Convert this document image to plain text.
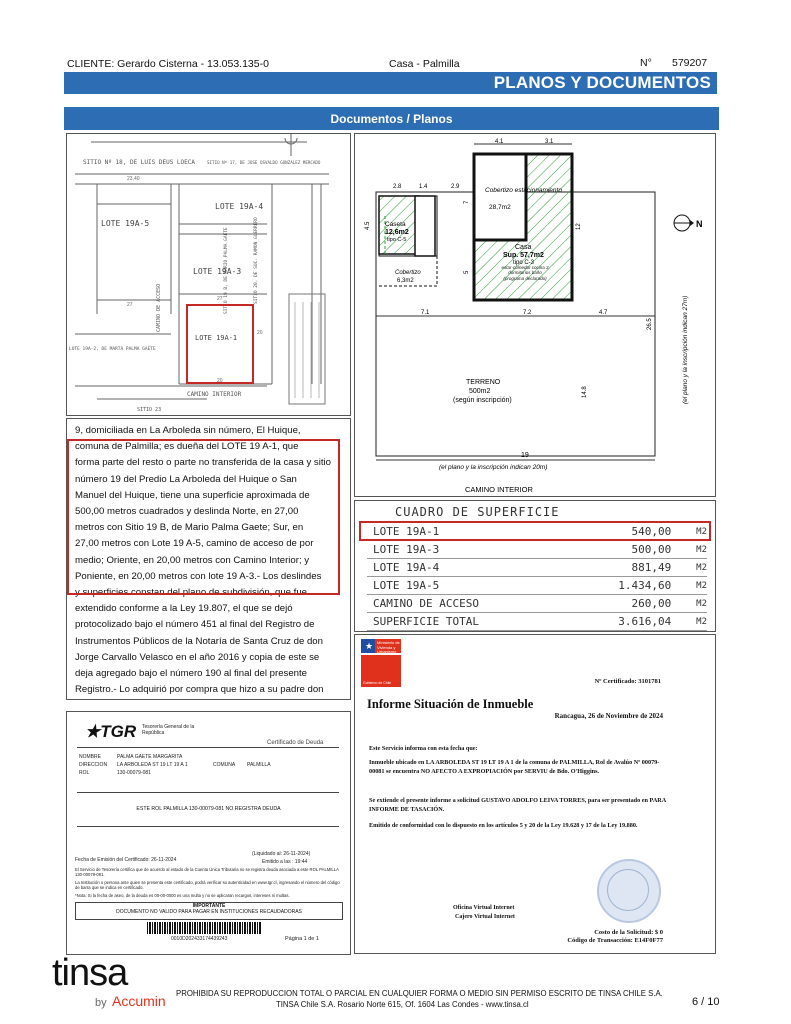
CLIENTE: Gerardo Cisterna - 13.053.135-0	Casa - Palmilla	N° 579207
PLANOS Y DOCUMENTOS
Documentos / Planos
SITIO Nº 18, DE LUIS DEUS LOECA	SITIO Nº 17, DE JOSE OSVALDO GONZALEZ MERCADO
LOTE 19A-5
LOTE 19A-4
LOTE 19A-3
LOTE 19A-1
LOTE 19A-2, DE MARTA PALMA GAETE
CAMINO INTERIOR
CAMINO DE ACCESO	SITIO 19 B, DE MARIO PALMA GAETE	SITIO 20, DE SUC. RAMON GUERRERO
SITIO 23
23,40
27
27
20
20
4.1	3.1
2.8	1.4	2.9
Caseta
12,6m2
tipo C-5
Cobertizo estacionamiento
28,7m2
Casa
Sup. 57,7m2
tipo C-3
estar-comedor cocina 3 dormitorios baño (programa declarado)
Cobertizo
6,3m2
4.5
7
5
12
7.1	7.2	4.7
26.5	(el plano y la inscripción indican 27m)
TERRENO
500m2
(según inscripción)
14.8
19
(el plano y la inscripción indican 20m)
CAMINO INTERIOR
N
9, domiciliada en La Arboleda sin número, El Huique,
comuna de Palmilla; es dueña del LOTE 19 A-1, que
forma parte del resto o parte no transferida de la casa y sitio
número 19 del Predio La Arboleda del Huique o San
Manuel del Huique, tiene una superficie aproximada de
500,00 metros cuadrados y deslinda Norte, en 27,00
metros con Sitio 19 B, de Mario Palma Gaete; Sur, en
27,00 metros con Lote 19 A-5, camino de acceso de por
medio; Oriente, en 20,00 metros con Camino Interior; y
Poniente, en 20,00 metros con lote 19 A-3.- Los deslindes
y superficies constan del plano de subdivisión, que fue
extendido conforme a la Ley 19.807, el que se dejó
protocolizado bajo el número 451 al final del Registro de
Instrumentos Públicos de la Notaría de Santa Cruz de don
Jorge Carvallo Velasco en el año 2016 y copia de este se
deja agregado bajo el número 190 al final del presente
Registro.- Lo adquirió por compra que hizo a su padre don
CUADRO DE SUPERFICIE
LOTE 19A-1	540,00	M2
LOTE 19A-3	500,00	M2
LOTE 19A-4	881,49	M2
LOTE 19A-5	1.434,60	M2
CAMINO DE ACCESO	260,00	M2
SUPERFICIE TOTAL	3.616,04	M2
★TGR Tesorería General de la República
Certificado de Deuda
NOMBRE	PALMA GAETE MARGARITA
DIRECCION LA ARBOLEDA ST 19 LT 19 A 1	COMUNA PALMILLA
ROL	130-00079-081
ESTE ROL PALMILLA 130-00079-081 NO REGISTRA DEUDA
Fecha de Emisión del Certificado: 26-11-2024
(Liquidado al: 26-11-2024)
Emitido a las : 19:44
El Servicio de Tesorería certifica que de acuerdo al estado de la Cuenta Única Tributaria no se registra deuda asociada a este ROL PALMILLA 130-00079-081.
La Institución o persona ante quien se presenta este certificado, podrá verificar su autenticidad en www.tgr.cl, ingresando el número del código de barra que se indica en certificado.
*Nota: Si la fecha de aseo, de la deuda es 00-00-0000 es una multa y no se aplicaran recargos, intereses ni multas.
IMPORTANTE
DOCUMENTO NO VALIDO PARA PAGAR EN INSTITUCIONES RECAUDADORAS
0010D202433174439243	Página 1 de 1
★ Ministerio de Vivienda y Urbanismo
Gobierno de Chile	Nº Certificado: 3101781
Informe Situación de Inmueble
Rancagua, 26 de Noviembre de 2024
Este Servicio informa con esta fecha que:
Inmueble ubicado en LA ARBOLEDA ST 19 LT 19 A 1 de la comuna de PALMILLA, Rol de Avalúo Nº 00079-00081 se encuentra NO AFECTO A EXPROPIACIÓN por SERVIU de Bdo. O'Higgins.
Se extiende el presente informe a solicitud GUSTAVO ADOLFO LEIVA TORRES, para ser presentado en PARA INFORME DE TASACIÓN.
Emitido de conformidad con lo dispuesto en los artículos 5 y 20 de la Ley 19.628 y 17 de la Ley 19.880.
Oficina Virtual Internet
Cajero Virtual Internet
Costo de la Solicitud: $ 0
Código de Transacción: E14F0F77
tinsa
by Accumin PROHIBIDA SU REPRODUCCION TOTAL O PARCIAL EN CUALQUIER FORMA O MEDIO SIN PERMISO ESCRITO DE TINSA CHILE S.A.
TINSA Chile S.A. Rosario Norte 615, Of. 1604 Las Condes - www.tinsa.cl	6 / 10
